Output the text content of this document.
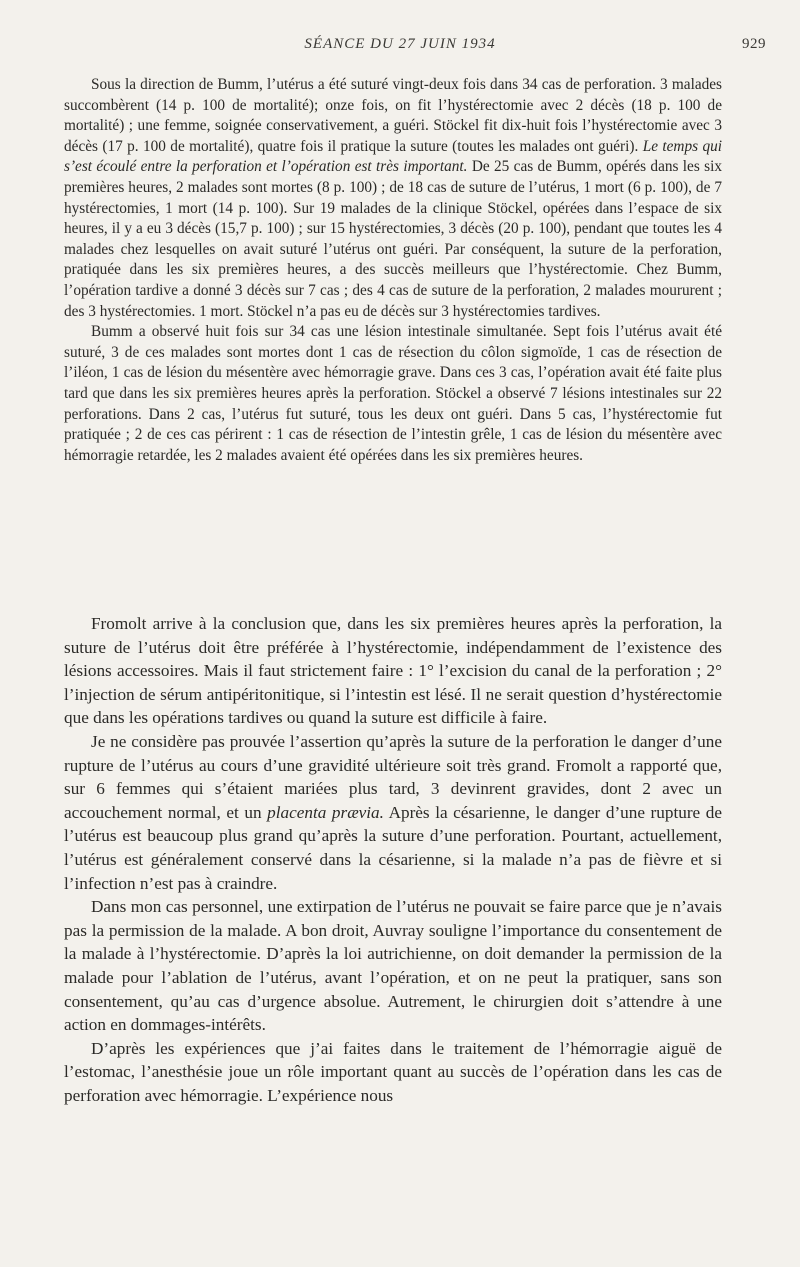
SÉANCE DU 27 JUIN 1934	929

Sous la direction de Bumm, l’utérus a été suturé vingt-deux fois dans 34 cas de perforation. 3 malades succombèrent (14 p. 100 de mortalité); onze fois, on fit l’hystérectomie avec 2 décès (18 p. 100 de mortalité) ; une femme, soignée conservativement, a guéri. Stöckel fit dix-huit fois l’hystérectomie avec 3 décès (17 p. 100 de mortalité), quatre fois il pratique la suture (toutes les malades ont guéri). Le temps qui s’est écoulé entre la perforation et l’opération est très important. De 25 cas de Bumm, opérés dans les six premières heures, 2 malades sont mortes (8 p. 100) ; de 18 cas de suture de l’utérus, 1 mort (6 p. 100), de 7 hystérectomies, 1 mort (14 p. 100). Sur 19 malades de la clinique Stöckel, opérées dans l’espace de six heures, il y a eu 3 décès (15,7 p. 100) ; sur 15 hystérectomies, 3 décès (20 p. 100), pendant que toutes les 4 malades chez lesquelles on avait suturé l’utérus ont guéri. Par conséquent, la suture de la perforation, pratiquée dans les six premières heures, a des succès meilleurs que l’hystérectomie. Chez Bumm, l’opération tardive a donné 3 décès sur 7 cas ; des 4 cas de suture de la perforation, 2 malades moururent ; des 3 hystérectomies. 1 mort. Stöckel n’a pas eu de décès sur 3 hystérectomies tardives.

Bumm a observé huit fois sur 34 cas une lésion intestinale simultanée. Sept fois l’utérus avait été suturé, 3 de ces malades sont mortes dont 1 cas de résection du côlon sigmoïde, 1 cas de résection de l’iléon, 1 cas de lésion du mésentère avec hémorragie grave. Dans ces 3 cas, l’opération avait été faite plus tard que dans les six premières heures après la perforation. Stöckel a observé 7 lésions intestinales sur 22 perforations. Dans 2 cas, l’utérus fut suturé, tous les deux ont guéri. Dans 5 cas, l’hystérectomie fut pratiquée ; 2 de ces cas périrent : 1 cas de résection de l’intestin grêle, 1 cas de lésion du mésentère avec hémorragie retardée, les 2 malades avaient été opérées dans les six premières heures.

Fromolt arrive à la conclusion que, dans les six premières heures après la perforation, la suture de l’utérus doit être préférée à l’hystérectomie, indépendamment de l’existence des lésions accessoires. Mais il faut strictement faire : 1° l’excision du canal de la perforation ; 2° l’injection de sérum antipéritonitique, si l’intestin est lésé. Il ne serait question d’hystérectomie que dans les opérations tardives ou quand la suture est difficile à faire.

Je ne considère pas prouvée l’assertion qu’après la suture de la perforation le danger d’une rupture de l’utérus au cours d’une gravidité ultérieure soit très grand. Fromolt a rapporté que, sur 6 femmes qui s’étaient mariées plus tard, 3 devinrent gravides, dont 2 avec un accouchement normal, et un placenta prævia. Après la césarienne, le danger d’une rupture de l’utérus est beaucoup plus grand qu’après la suture d’une perforation. Pourtant, actuellement, l’utérus est généralement conservé dans la césarienne, si la malade n’a pas de fièvre et si l’infection n’est pas à craindre.

Dans mon cas personnel, une extirpation de l’utérus ne pouvait se faire parce que je n’avais pas la permission de la malade. A bon droit, Auvray souligne l’importance du consentement de la malade à l’hystérectomie. D’après la loi autrichienne, on doit demander la permission de la malade pour l’ablation de l’utérus, avant l’opération, et on ne peut la pratiquer, sans son consentement, qu’au cas d’urgence absolue. Autrement, le chirurgien doit s’attendre à une action en dommages-intérêts.

D’après les expériences que j’ai faites dans le traitement de l’hémorragie aiguë de l’estomac, l’anesthésie joue un rôle important quant au succès de l’opération dans les cas de perforation avec hémorragie. L’expérience nous
